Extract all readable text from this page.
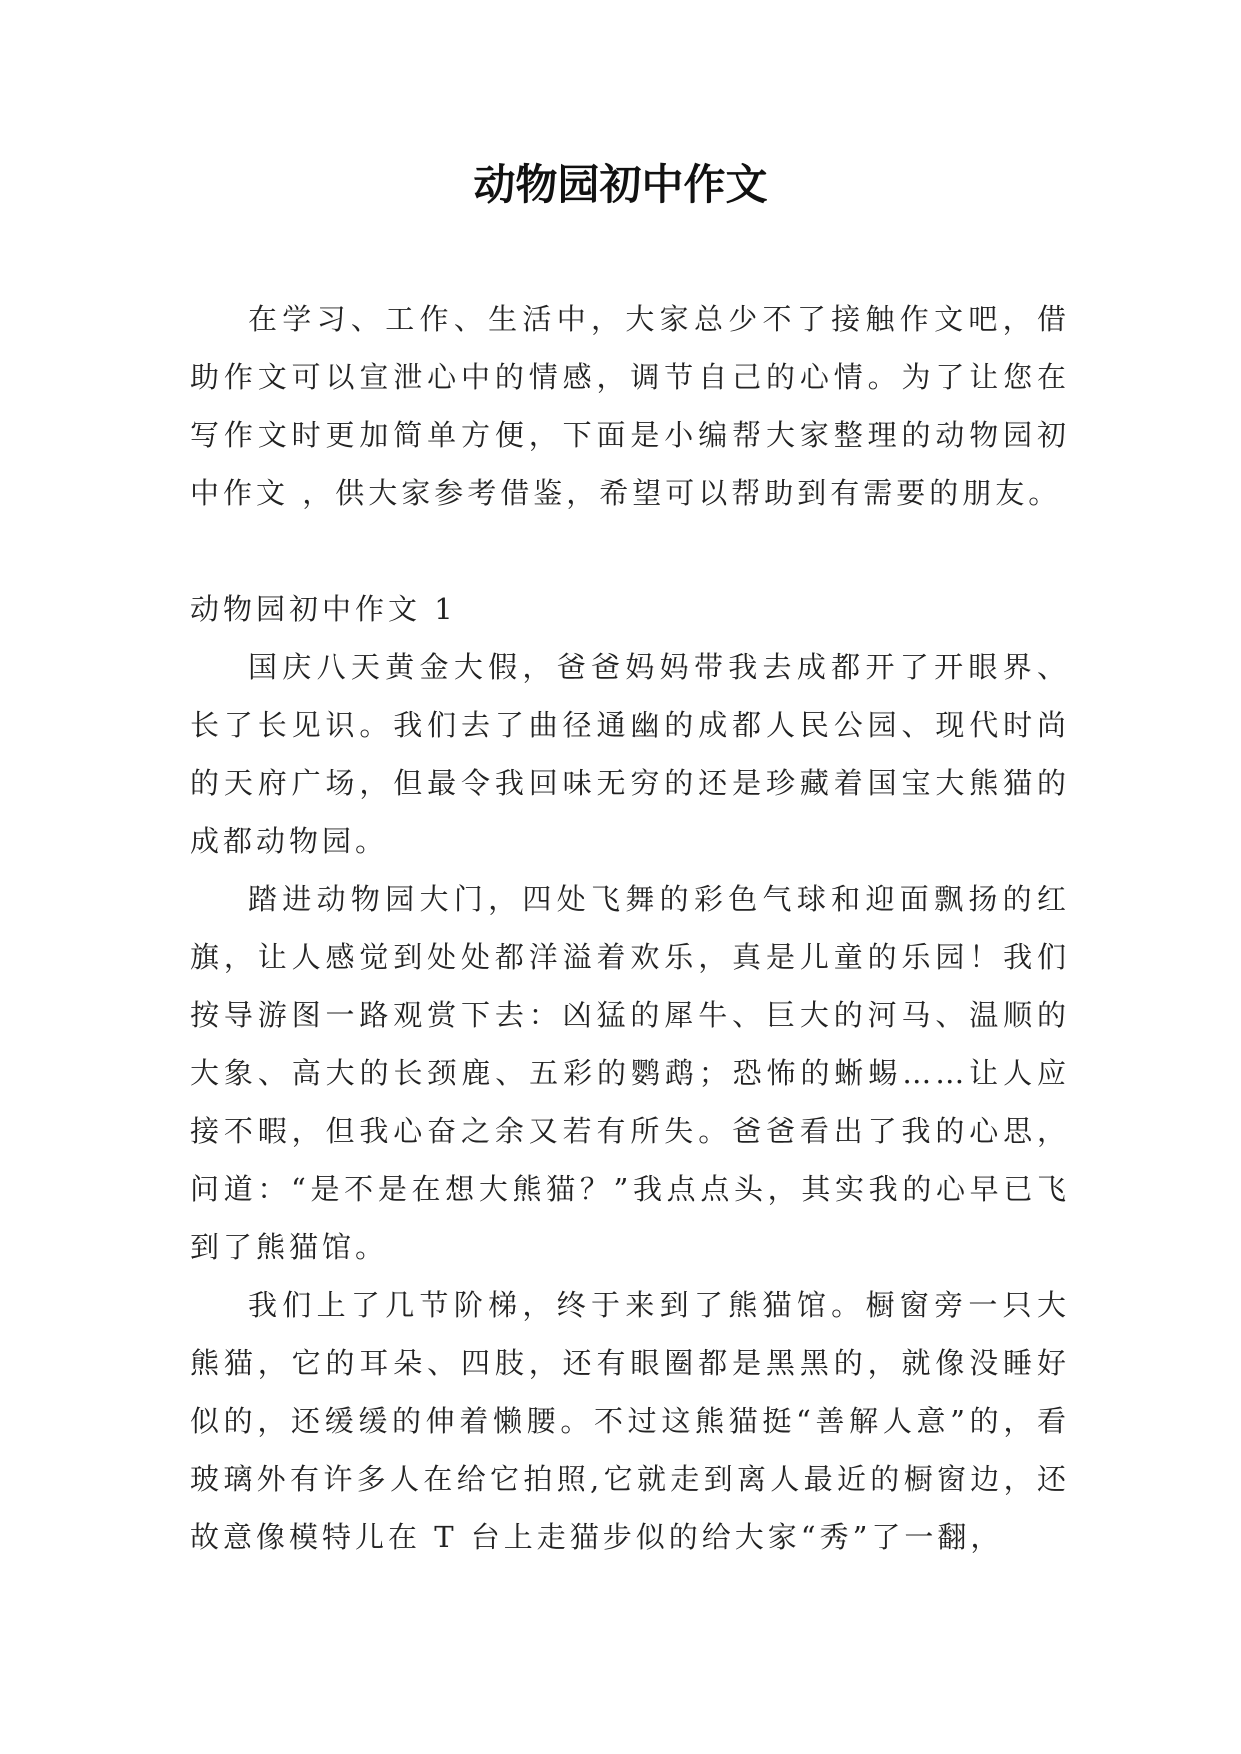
动物园初中作文

在学习、工作、生活中，大家总少不了接触作文吧，借助作文可以宣泄心中的情感，调节自己的心情。为了让您在写作文时更加简单方便，下面是小编帮大家整理的动物园初中作文 ，供大家参考借鉴，希望可以帮助到有需要的朋友。

动物园初中作文 1

国庆八天黄金大假，爸爸妈妈带我去成都开了开眼界、长了长见识。我们去了曲径通幽的成都人民公园、现代时尚的天府广场，但最令我回味无穷的还是珍藏着国宝大熊猫的成都动物园。

踏进动物园大门，四处飞舞的彩色气球和迎面飘扬的红旗，让人感觉到处处都洋溢着欢乐，真是儿童的乐园！我们按导游图一路观赏下去：凶猛的犀牛、巨大的河马、温顺的大象、高大的长颈鹿、五彩的鹦鹉；恐怖的蜥蜴……让人应接不暇，但我心奋之余又若有所失。爸爸看出了我的心思，问道：“是不是在想大熊猫？”我点点头，其实我的心早已飞到了熊猫馆。

我们上了几节阶梯，终于来到了熊猫馆。橱窗旁一只大熊猫，它的耳朵、四肢，还有眼圈都是黑黑的，就像没睡好似的，还缓缓的伸着懒腰。不过这熊猫挺“善解人意”的，看玻璃外有许多人在给它拍照,它就走到离人最近的橱窗边，还故意像模特儿在 T 台上走猫步似的给大家“秀”了一翻，
